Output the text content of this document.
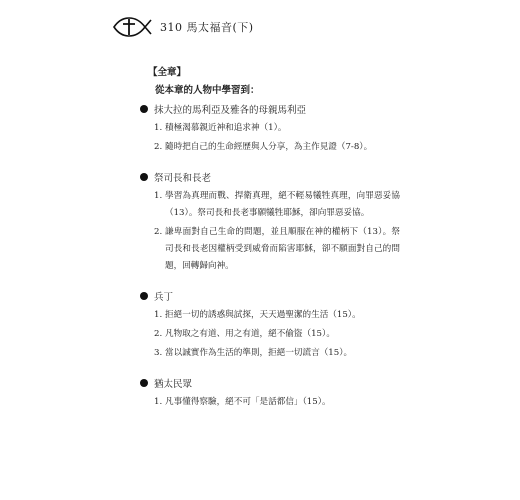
310 馬太福音(下)
【全章】
從本章的人物中學習到：
抹大拉的馬利亞及雅各的母親馬利亞
1. 積極渴慕親近神和追求神（1）。
2. 隨時把自己的生命經歷與人分享，為主作見證（7-8）。
祭司長和長老
1. 學習為真理而戰、捍衛真理，絕不輕易犧牲真理，向罪惡妥協（13）。祭司長和長老事願犧牲耶穌，卻向罪惡妥協。
2. 謙卑面對自己生命的問題，並且順服在神的權柄下（13）。祭司長和長老因權柄受到威脅而陷害耶穌，卻不願面對自己的問題，回轉歸向神。
兵丁
1. 拒絕一切的誘惑與試探，天天過聖潔的生活（15）。
2. 凡物取之有道、用之有道，絕不偷盜（15）。
3. 當以誠實作為生活的準則，拒絕一切謊言（15）。
猶太民眾
1. 凡事懂得察驗，絕不可「是話都信」（15）。
